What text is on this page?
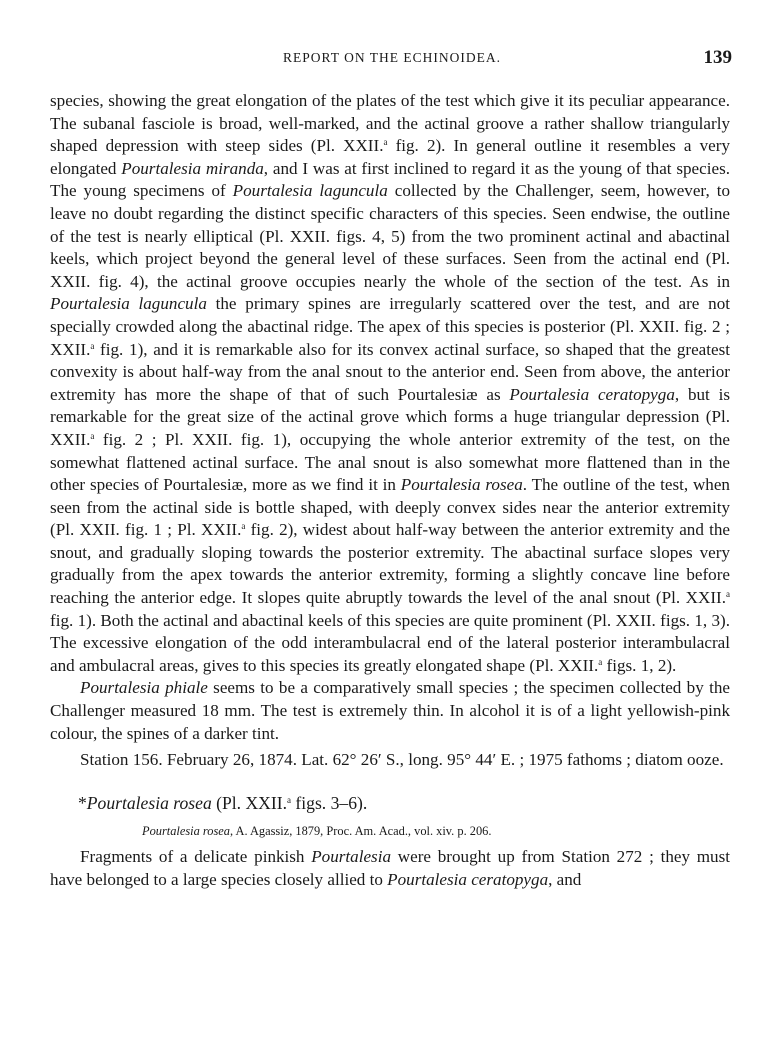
REPORT ON THE ECHINOIDEA.	139

species, showing the great elongation of the plates of the test which give it its peculiar appearance. The subanal fasciole is broad, well-marked, and the actinal groove a rather shallow triangularly shaped depression with steep sides (Pl. XXII.$^a$ fig. 2). In general outline it resembles a very elongated Pourtalesia miranda, and I was at first inclined to regard it as the young of that species. The young specimens of Pourtalesia laguncula collected by the Challenger, seem, however, to leave no doubt regarding the distinct specific characters of this species. Seen endwise, the outline of the test is nearly elliptical (Pl. XXII. figs. 4, 5) from the two prominent actinal and abactinal keels, which project beyond the general level of these surfaces. Seen from the actinal end (Pl. XXII. fig. 4), the actinal groove occupies nearly the whole of the section of the test. As in Pourtalesia laguncula the primary spines are irregularly scattered over the test, and are not specially crowded along the abactinal ridge. The apex of this species is posterior (Pl. XXII. fig. 2 ; XXII.$^a$ fig. 1), and it is remarkable also for its convex actinal surface, so shaped that the greatest convexity is about half-way from the anal snout to the anterior end. Seen from above, the anterior extremity has more the shape of that of such Pourtalesiæ as Pourtalesia ceratopyga, but is remarkable for the great size of the actinal grove which forms a huge triangular depression (Pl. XXII.$^a$ fig. 2 ; Pl. XXII. fig. 1), occupying the whole anterior extremity of the test, on the somewhat flattened actinal surface. The anal snout is also somewhat more flattened than in the other species of Pourtalesiæ, more as we find it in Pourtalesia rosea. The outline of the test, when seen from the actinal side is bottle shaped, with deeply convex sides near the anterior extremity (Pl. XXII. fig. 1 ; Pl. XXII.$^a$ fig. 2), widest about half-way between the anterior extremity and the snout, and gradually sloping towards the posterior extremity. The abactinal surface slopes very gradually from the apex towards the anterior extremity, forming a slightly concave line before reaching the anterior edge. It slopes quite abruptly towards the level of the anal snout (Pl. XXII.$^a$ fig. 1). Both the actinal and abactinal keels of this species are quite prominent (Pl. XXII. figs. 1, 3). The excessive elongation of the odd interambulacral end of the lateral posterior interambulacral and ambulacral areas, gives to this species its greatly elongated shape (Pl. XXII.$^a$ figs. 1, 2).

Pourtalesia phiale seems to be a comparatively small species ; the specimen collected by the Challenger measured 18 mm. The test is extremely thin. In alcohol it is of a light yellowish-pink colour, the spines of a darker tint.

Station 156. February 26, 1874. Lat. 62° 26′ S., long. 95° 44′ E. ; 1975 fathoms ; diatom ooze.

*Pourtalesia rosea (Pl. XXII.$^a$ figs. 3–6).

Pourtalesia rosea, A. Agassiz, 1879, Proc. Am. Acad., vol. xiv. p. 206.

Fragments of a delicate pinkish Pourtalesia were brought up from Station 272 ; they must have belonged to a large species closely allied to Pourtalesia ceratopyga, and
